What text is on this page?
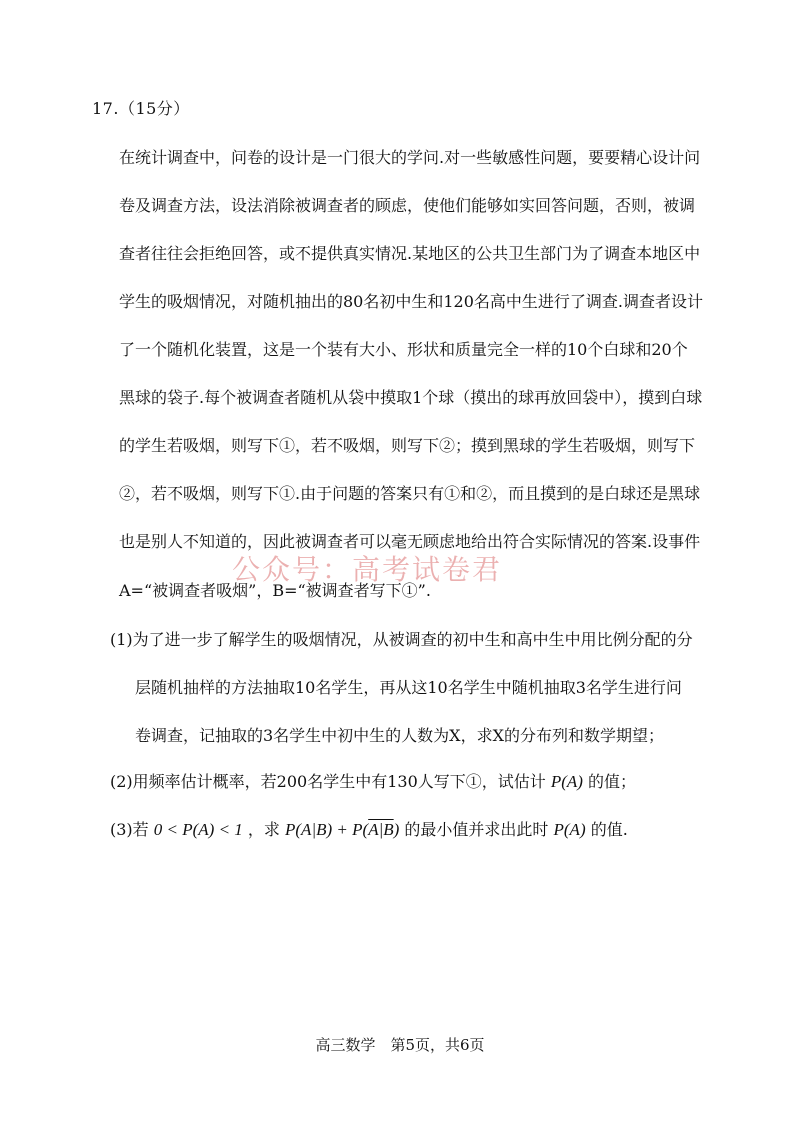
17.（15分）
在统计调查中，问卷的设计是一门很大的学问.对一些敏感性问题，要要精心设计问
卷及调查方法，设法消除被调查者的顾虑，使他们能够如实回答问题，否则，被调
查者往往会拒绝回答，或不提供真实情况.某地区的公共卫生部门为了调查本地区中
学生的吸烟情况，对随机抽出的80名初中生和120名高中生进行了调查.调查者设计
了一个随机化装置，这是一个装有大小、形状和质量完全一样的10个白球和20个
黑球的袋子.每个被调查者随机从袋中摸取1个球（摸出的球再放回袋中），摸到白球
的学生若吸烟，则写下①，若不吸烟，则写下②；摸到黑球的学生若吸烟，则写下
②，若不吸烟，则写下①.由于问题的答案只有①和②，而且摸到的是白球还是黑球
也是别人不知道的，因此被调查者可以毫无顾虑地给出符合实际情况的答案.设事件
A=“被调查者吸烟”，B=“被调查者写下①”.
公众号：高考试卷君
(1)为了进一步了解学生的吸烟情况，从被调查的初中生和高中生中用比例分配的分
层随机抽样的方法抽取10名学生，再从这10名学生中随机抽取3名学生进行问
卷调查，记抽取的3名学生中初中生的人数为X，求X的分布列和数学期望；
(2)用频率估计概率，若200名学生中有130人写下①，试估计 P(A) 的值；
(3)若 0 < P(A) < 1 ，求 P(A|B) + P(A|B) 的最小值并求出此时 P(A) 的值.
高三数学　第5页，共6页
